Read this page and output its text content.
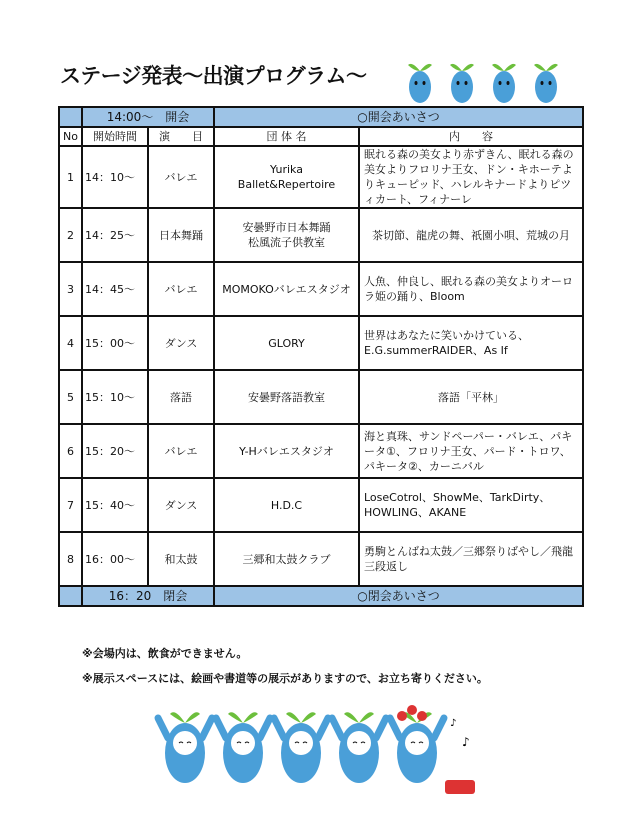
ステージ発表～出演プログラム～
	14:00～　開会		○開会あいさつ	
No	開始時間	演　　目	団 体 名	内　　容
1	14：10～	バレエ	Yurika
Ballet&Repertoire	眠れる森の美女より赤ずきん、眠れる森の美女よりフロリナ王女、ドン・キホーテよりキューピッド、ハレルキナードよりピツィカート、フィナーレ
2	14：25～	日本舞踊	安曇野市日本舞踊
松風流子供教室	茶切節、龍虎の舞、祇園小唄、荒城の月
3	14：45～	バレエ	MOMOKOバレエスタジオ	人魚、仲良し、眠れる森の美女よりオーロラ姫の踊り、Bloom
4	15：00～	ダンス	GLORY	世界はあなたに笑いかけている、E.G.summerRAIDER、As If
5	15：10～	落語	安曇野落語教室	落語「平林」
6	15：20～	バレエ	Y-Hバレエスタジオ	海と真珠、サンドペーパー・バレエ、パキータ①、フロリナ王女、パード・トロワ、パキータ②、カーニバル
7	15：40～	ダンス	H.D.C	LoseCotrol、ShowMe、TarkDirty、HOWLING、AKANE
8	16：00～	和太鼓	三郷和太鼓クラブ	勇駒とんばね太鼓／三郷祭りばやし／飛龍三段返し
	16：20　閉会		○閉会あいさつ	
※会場内は、飲食ができません。
※展示スペースには、絵画や書道等の展示がありますので、お立ち寄りください。
♪
♪
